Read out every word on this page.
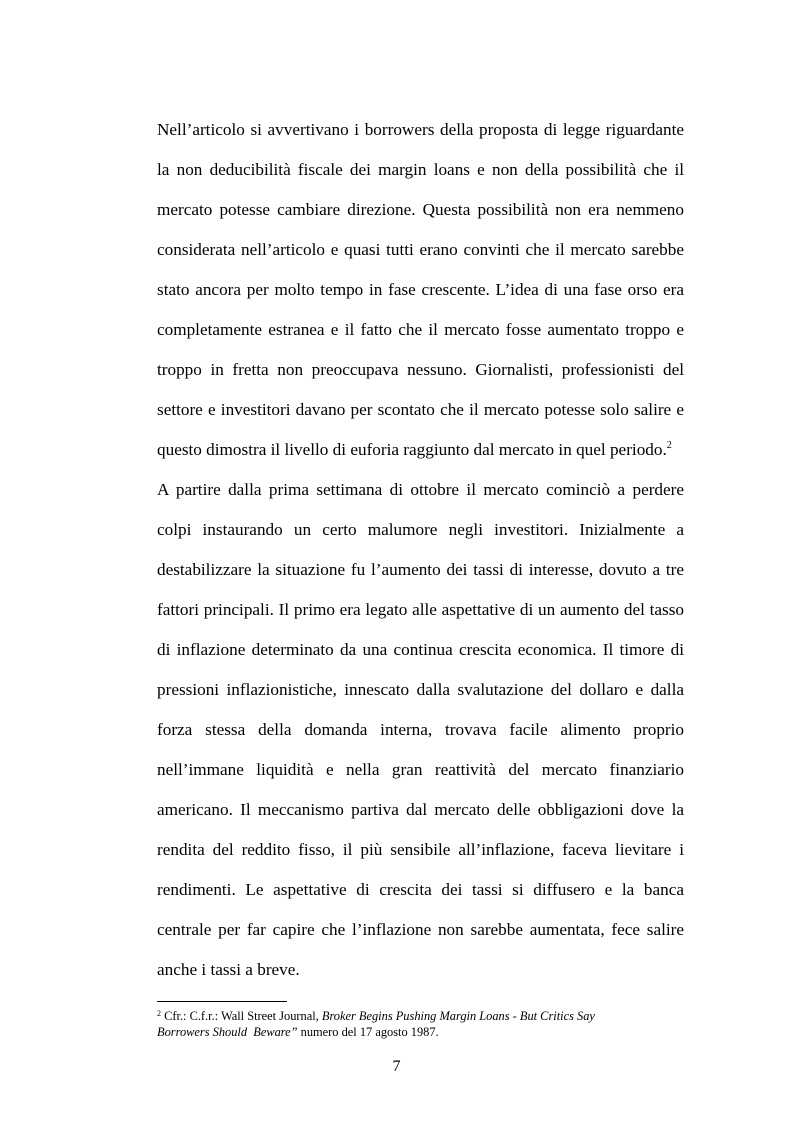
Nell’articolo si avvertivano i borrowers della proposta di legge riguardante
la non deducibilità fiscale dei margin loans e non della possibilità che il
mercato potesse cambiare direzione. Questa possibilità non era nemmeno
considerata nell’articolo e quasi tutti erano convinti che il mercato sarebbe
stato ancora per molto tempo in fase crescente. L’idea di una fase orso era
completamente estranea e il fatto che il mercato fosse aumentato troppo e
troppo in fretta non preoccupava nessuno. Giornalisti, professionisti del
settore e investitori davano per scontato che il mercato potesse solo salire e
questo dimostra il livello di euforia raggiunto dal mercato in quel periodo.$^2$
A partire dalla prima settimana di ottobre il mercato cominciò a perdere
colpi instaurando un certo malumore negli investitori. Inizialmente a
destabilizzare la situazione fu l’aumento dei tassi di interesse, dovuto a tre
fattori principali. Il primo era legato alle aspettative di un aumento del tasso
di inflazione determinato da una continua crescita economica. Il timore di
pressioni inflazionistiche, innescato dalla svalutazione del dollaro e dalla
forza stessa della domanda interna, trovava facile alimento proprio
nell’immane liquidità e nella gran reattività del mercato finanziario
americano. Il meccanismo partiva dal mercato delle obbligazioni dove la
rendita del reddito fisso, il più sensibile all’inflazione, faceva lievitare i
rendimenti. Le aspettative di crescita dei tassi si diffusero e la banca
centrale per far capire che l’inflazione non sarebbe aumentata, fece salire
anche i tassi a breve.
$^2$ Cfr.: C.f.r.: Wall Street Journal, Broker Begins Pushing Margin Loans - But Critics Say
Borrowers Should  Beware” numero del 17 agosto 1987.
7
